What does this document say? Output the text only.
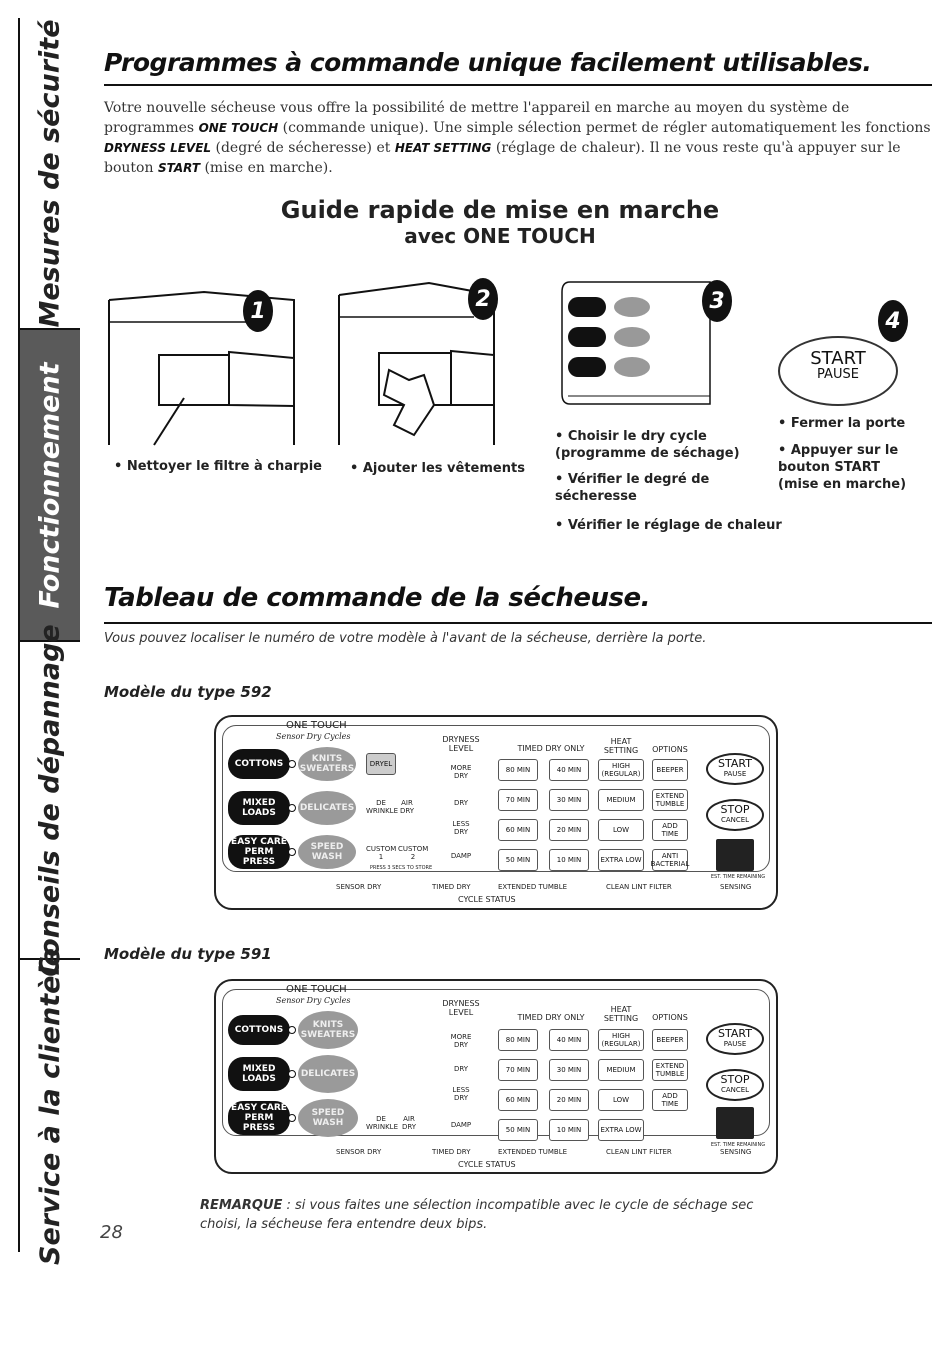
Mesures de sécurité
Fonctionnement
Conseils de dépannage
Service à la clientèle
Programmes à commande unique facilement utilisables.
Votre nouvelle sécheuse vous offre la possibilité de mettre l'appareil en marche au moyen du système de programmes ONE TOUCH (commande unique). Une simple sélection permet de régler automatiquement les fonctions DRYNESS LEVEL (degré de sécheresse) et HEAT SETTING (réglage de chaleur). Il ne vous reste qu'à appuyer sur le bouton START (mise en marche).
Guide rapide de mise en marche
avec ONE TOUCH
1
• Nettoyer le filtre à charpie
2
• Ajouter les vêtements
3
• Choisir le dry cycle (programme de séchage)
• Vérifier le degré de sécheresse
• Vérifier le réglage de chaleur
START
PAUSE
4
• Fermer la porte
• Appuyer sur le bouton START (mise en marche)
Tableau de commande de la sécheuse.
Vous pouvez localiser le numéro de votre modèle à l'avant de la sécheuse, derrière la porte.
Modèle du type 592
ONE TOUCH
Sensor Dry Cycles
COTTONS	KNITS SWEATERS	DRYEL
MIXED LOADS	DELICATES	DE WRINKLE
AIR DRY
EASY CARE PERM PRESS
SPEED WASH
CUSTOM 1
CUSTOM 2
PRESS 3 SECS TO STORE
DRYNESS LEVEL
MORE DRY
DRY
LESS DRY
DAMP
TIMED DRY ONLY
80 MIN
70 MIN
60 MIN
50 MIN
40 MIN
30 MIN
20 MIN
10 MIN
HEAT SETTING
HIGH (REGULAR)
MEDIUM
LOW
EXTRA LOW
OPTIONS
BEEPER
EXTEND TUMBLE
ADD TIME
ANTI BACTERIAL
START
PAUSE
STOP
CANCEL
EST. TIME REMAINING
SENSOR DRY	TIMED DRY	EXTENDED TUMBLE	CLEAN LINT FILTER	SENSING
CYCLE STATUS
Modèle du type 591
ONE TOUCH
Sensor Dry Cycles
COTTONS	KNITS SWEATERS
MIXED LOADS	DELICATES
EASY CARE PERM PRESS
SPEED WASH	DE WRINKLE
AIR DRY
DRYNESS LEVEL
MORE DRY
DRY
LESS DRY
DAMP
TIMED DRY ONLY
80 MIN
70 MIN
60 MIN
50 MIN
40 MIN
30 MIN
20 MIN
10 MIN
HEAT SETTING
HIGH (REGULAR)
MEDIUM
LOW
EXTRA LOW
OPTIONS
BEEPER
EXTEND TUMBLE
ADD TIME
START
PAUSE
STOP
CANCEL
EST. TIME REMAINING
SENSOR DRY	TIMED DRY	EXTENDED TUMBLE	CLEAN LINT FILTER	SENSING
CYCLE STATUS
REMARQUE : si vous faites une sélection incompatible avec le cycle de séchage sec choisi, la sécheuse fera entendre deux bips.
28
